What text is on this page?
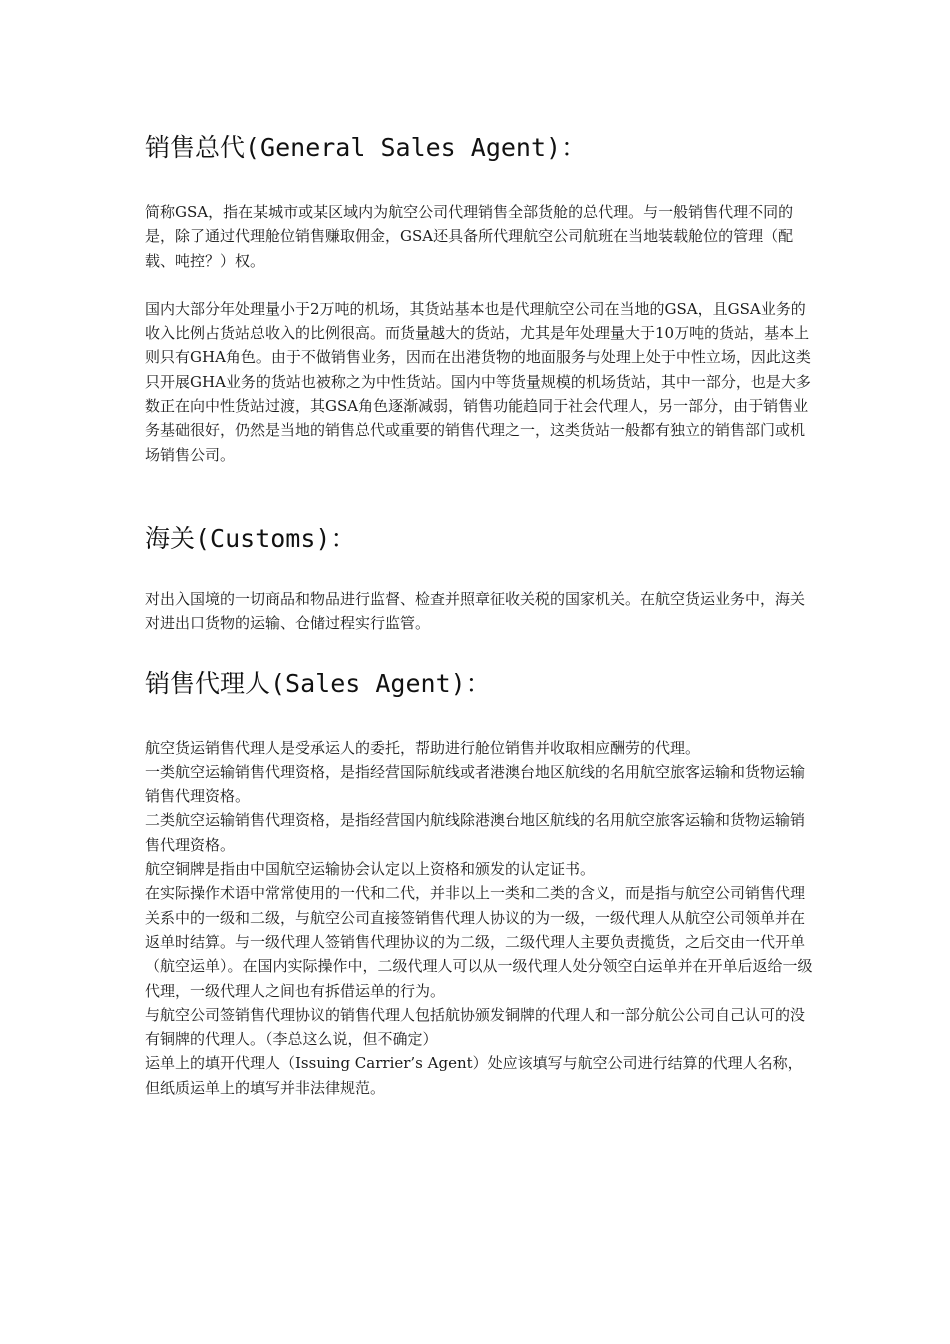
销售总代(General Sales Agent)：

简称GSA，指在某城市或某区域内为航空公司代理销售全部货舱的总代理。与一般销售代理不同的是，除了通过代理舱位销售赚取佣金，GSA还具备所代理航空公司航班在当地装载舱位的管理（配载、吨控？）权。

国内大部分年处理量小于2万吨的机场，其货站基本也是代理航空公司在当地的GSA，且GSA业务的收入比例占货站总收入的比例很高。而货量越大的货站，尤其是年处理量大于10万吨的货站，基本上则只有GHA角色。由于不做销售业务，因而在出港货物的地面服务与处理上处于中性立场，因此这类只开展GHA业务的货站也被称之为中性货站。国内中等货量规模的机场货站，其中一部分，也是大多数正在向中性货站过渡，其GSA角色逐渐减弱，销售功能趋同于社会代理人，另一部分，由于销售业务基础很好，仍然是当地的销售总代或重要的销售代理之一，这类货站一般都有独立的销售部门或机场销售公司。

海关(Customs)：

对出入国境的一切商品和物品进行监督、检查并照章征收关税的国家机关。在航空货运业务中，海关对进出口货物的运输、仓储过程实行监管。

销售代理人(Sales Agent)：

航空货运销售代理人是受承运人的委托，帮助进行舱位销售并收取相应酬劳的代理。

一类航空运输销售代理资格，是指经营国际航线或者港澳台地区航线的名用航空旅客运输和货物运输销售代理资格。

二类航空运输销售代理资格，是指经营国内航线除港澳台地区航线的名用航空旅客运输和货物运输销售代理资格。

航空铜牌是指由中国航空运输协会认定以上资格和颁发的认定证书。

在实际操作术语中常常使用的一代和二代，并非以上一类和二类的含义，而是指与航空公司销售代理关系中的一级和二级，与航空公司直接签销售代理人协议的为一级，一级代理人从航空公司领单并在返单时结算。与一级代理人签销售代理协议的为二级，二级代理人主要负责揽货，之后交由一代开单（航空运单）。在国内实际操作中，二级代理人可以从一级代理人处分领空白运单并在开单后返给一级代理，一级代理人之间也有拆借运单的行为。

与航空公司签销售代理协议的销售代理人包括航协颁发铜牌的代理人和一部分航公公司自己认可的没有铜牌的代理人。（李总这么说，但不确定）

运单上的填开代理人（Issuing Carrier’s Agent）处应该填写与航空公司进行结算的代理人名称，但纸质运单上的填写并非法律规范。
